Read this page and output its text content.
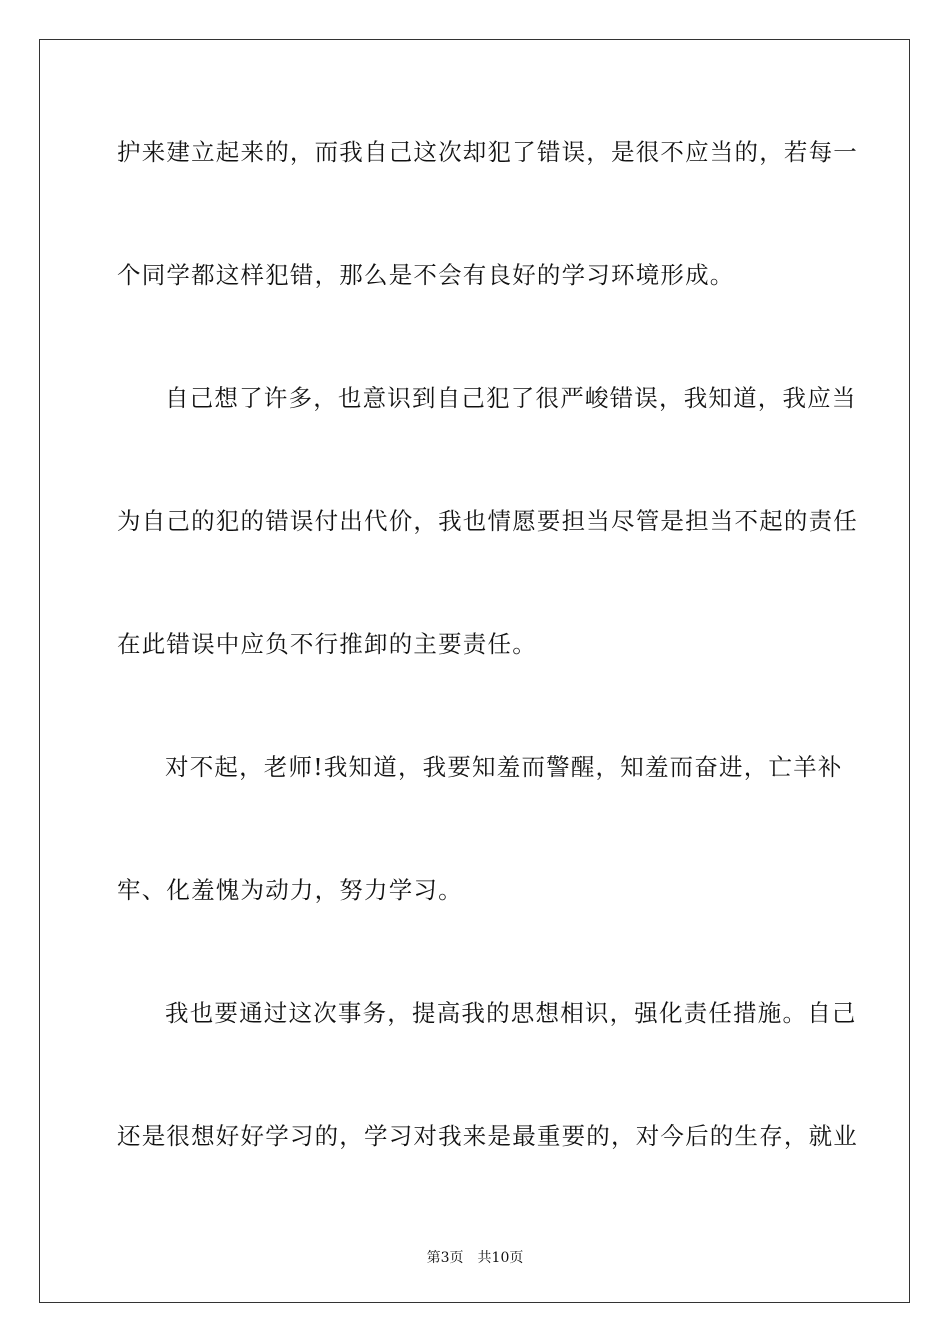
护来建立起来的，而我自己这次却犯了错误，是很不应当的，若每一
个同学都这样犯错，那么是不会有良好的学习环境形成。
自己想了许多，也意识到自己犯了很严峻错误，我知道，我应当
为自己的犯的错误付出代价，我也情愿要担当尽管是担当不起的责任
在此错误中应负不行推卸的主要责任。
对不起，老师!我知道，我要知羞而警醒，知羞而奋进，亡羊补
牢、化羞愧为动力，努力学习。
我也要通过这次事务，提高我的思想相识，强化责任措施。自己
还是很想好好学习的，学习对我来是最重要的，对今后的生存，就业
第3页 共10页
